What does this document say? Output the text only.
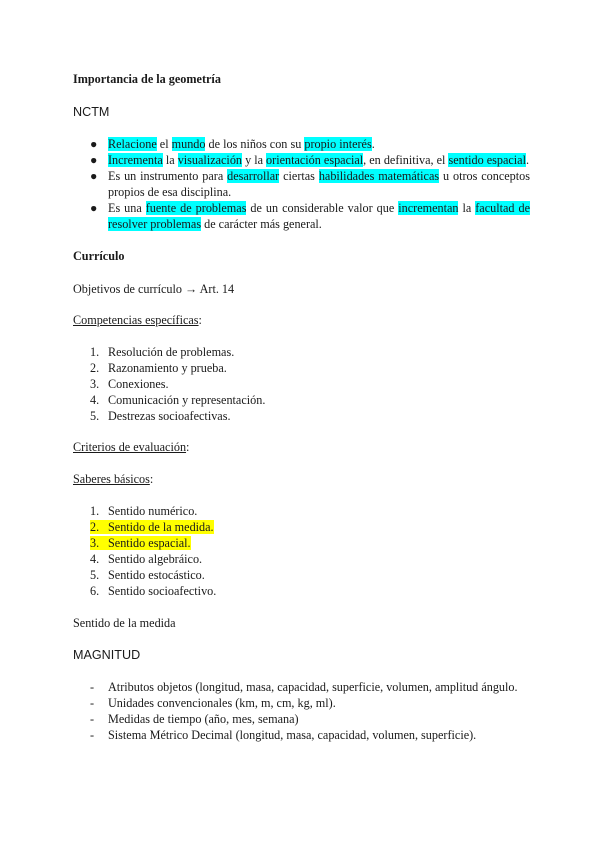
Importancia de la geometría

NCTM

● Relacione el mundo de los niños con su propio interés.
● Incrementa la visualización y la orientación espacial, en definitiva, el sentido espacial.
● Es un instrumento para desarrollar ciertas habilidades matemáticas u otros conceptos propios de esa disciplina.
● Es una fuente de problemas de un considerable valor que incrementan la facultad de resolver problemas de carácter más general.

Currículo

Objetivos de currículo → Art. 14

Competencias específicas:

1. Resolución de problemas.
2. Razonamiento y prueba.
3. Conexiones.
4. Comunicación y representación.
5. Destrezas socioafectivas.

Criterios de evaluación:

Saberes básicos:

1. Sentido numérico.
2. Sentido de la medida.
3. Sentido espacial.
4. Sentido algebráico.
5. Sentido estocástico.
6. Sentido socioafectivo.

Sentido de la medida

MAGNITUD

- Atributos objetos (longitud, masa, capacidad, superficie, volumen, amplitud ángulo.
- Unidades convencionales (km, m, cm, kg, ml).
- Medidas de tiempo (año, mes, semana)
- Sistema Métrico Decimal (longitud, masa, capacidad, volumen, superficie).
